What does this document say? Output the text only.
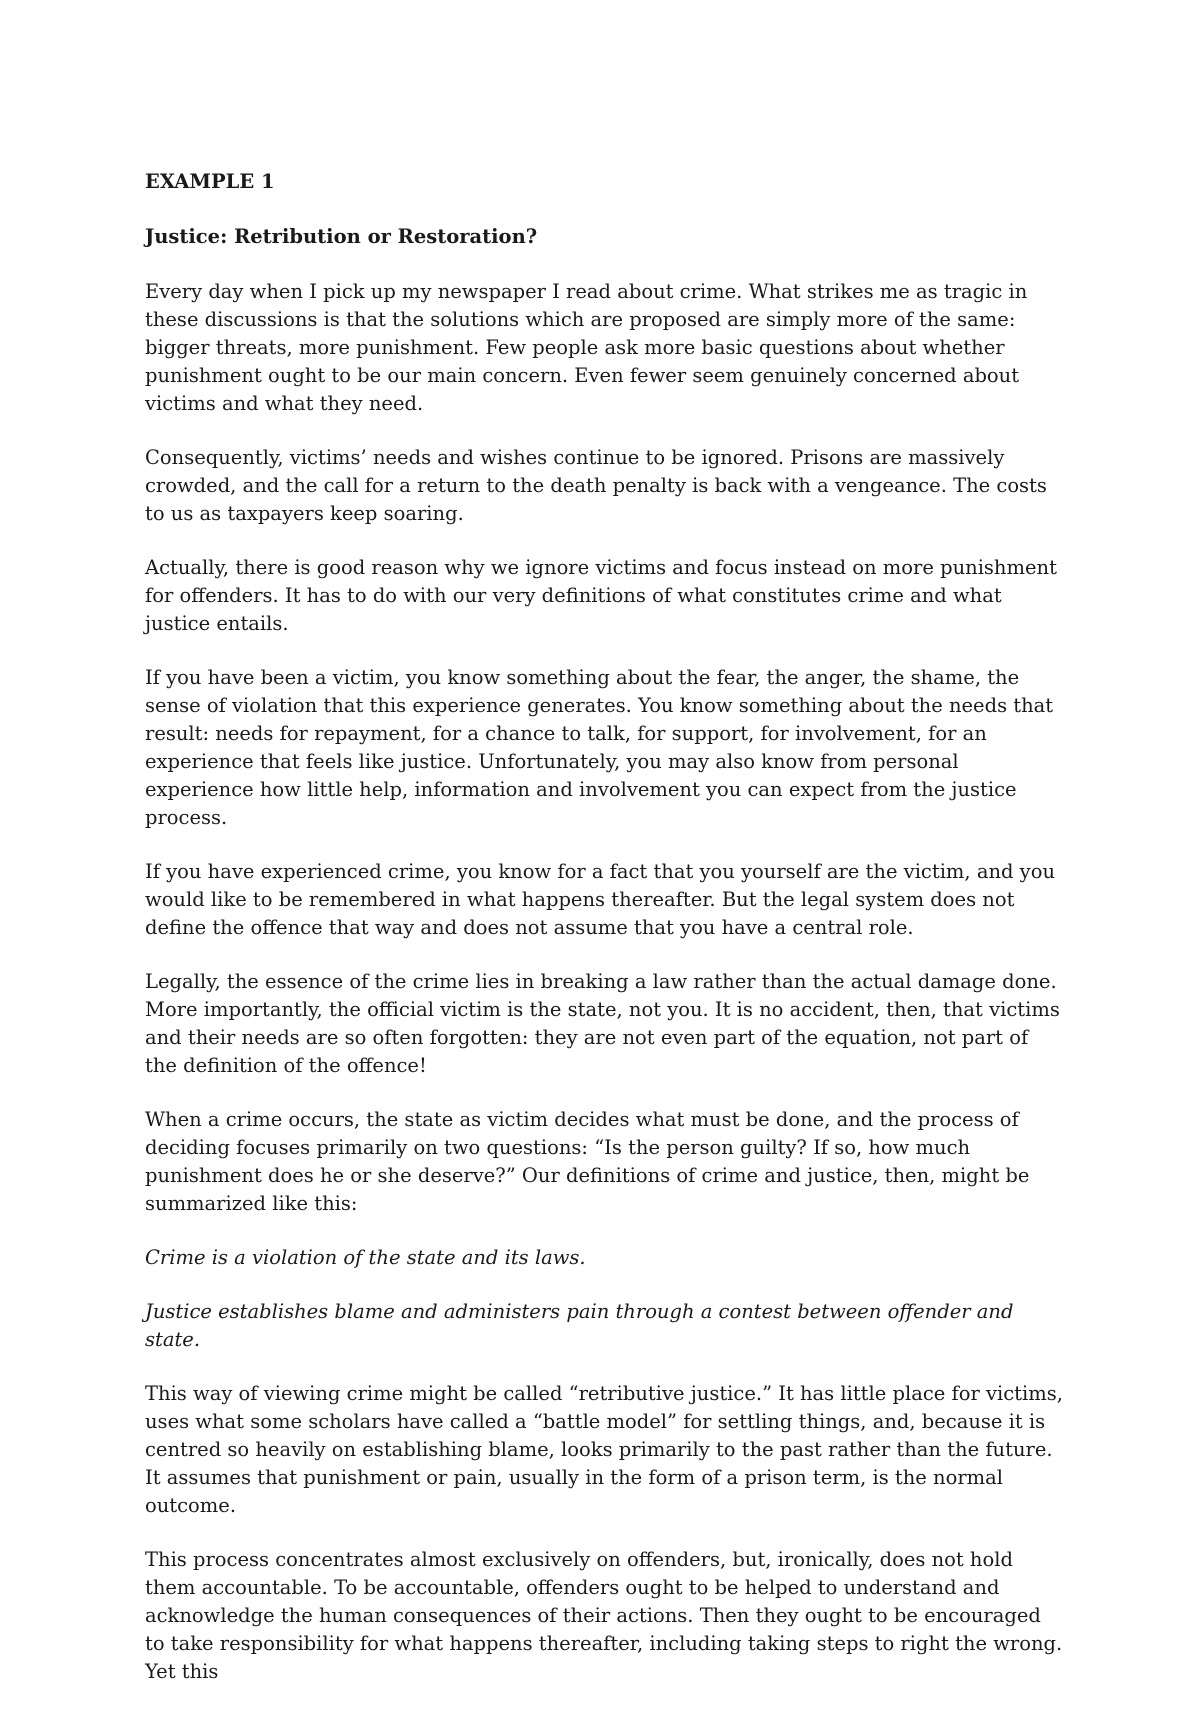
EXAMPLE 1

Justice: Retribution or Restoration?

Every day when I pick up my newspaper I read about crime. What strikes me as tragic in these discussions is that the solutions which are proposed are simply more of the same: bigger threats, more punishment. Few people ask more basic questions about whether punishment ought to be our main concern. Even fewer seem genuinely concerned about victims and what they need.

Consequently, victims’ needs and wishes continue to be ignored. Prisons are massively crowded, and the call for a return to the death penalty is back with a vengeance. The costs to us as taxpayers keep soaring.

Actually, there is good reason why we ignore victims and focus instead on more punishment for offenders. It has to do with our very definitions of what constitutes crime and what justice entails.

If you have been a victim, you know something about the fear, the anger, the shame, the sense of violation that this experience generates. You know something about the needs that result: needs for repayment, for a chance to talk, for support, for involvement, for an experience that feels like justice. Unfortunately, you may also know from personal experience how little help, information and involvement you can expect from the justice process.

If you have experienced crime, you know for a fact that you yourself are the victim, and you would like to be remembered in what happens thereafter. But the legal system does not define the offence that way and does not assume that you have a central role.

Legally, the essence of the crime lies in breaking a law rather than the actual damage done. More importantly, the official victim is the state, not you. It is no accident, then, that victims and their needs are so often forgotten: they are not even part of the equation, not part of the definition of the offence!

When a crime occurs, the state as victim decides what must be done, and the process of deciding focuses primarily on two questions: “Is the person guilty? If so, how much punishment does he or she deserve?” Our definitions of crime and justice, then, might be summarized like this:

Crime is a violation of the state and its laws.

Justice establishes blame and administers pain through a contest between offender and state.

This way of viewing crime might be called “retributive justice.” It has little place for victims, uses what some scholars have called a “battle model” for settling things, and, because it is centred so heavily on establishing blame, looks primarily to the past rather than the future. It assumes that punishment or pain, usually in the form of a prison term, is the normal outcome.

This process concentrates almost exclusively on offenders, but, ironically, does not hold them accountable. To be accountable, offenders ought to be helped to understand and acknowledge the human consequences of their actions. Then they ought to be encouraged to take responsibility for what happens thereafter, including taking steps to right the wrong. Yet this
